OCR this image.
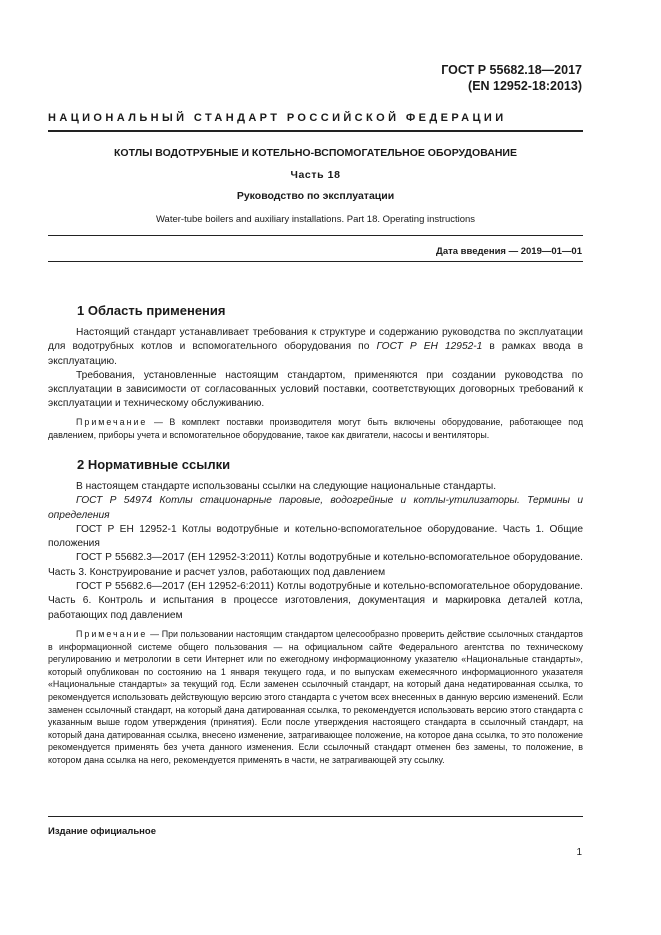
ГОСТ Р 55682.18—2017
(EN 12952-18:2013)
НАЦИОНАЛЬНЫЙ СТАНДАРТ РОССИЙСКОЙ ФЕДЕРАЦИИ
КОТЛЫ ВОДОТРУБНЫЕ И КОТЕЛЬНО-ВСПОМОГАТЕЛЬНОЕ ОБОРУДОВАНИЕ
Часть 18
Руководство по эксплуатации
Water-tube boilers and auxiliary installations. Part 18. Operating instructions
Дата введения — 2019—01—01
1 Область применения

Настоящий стандарт устанавливает требования к структуре и содержанию руководства по эксплуатации для водотрубных котлов и вспомогательного оборудования по ГОСТ Р ЕН 12952-1 в рамках ввода в эксплуатацию.

Требования, установленные настоящим стандартом, применяются при создании руководства по эксплуатации в зависимости от согласованных условий поставки, соответствующих договорных требований к эксплуатации и техническому обслуживанию.

Примечание — В комплект поставки производителя могут быть включены оборудование, работающее под давлением, приборы учета и вспомогательное оборудование, такое как двигатели, насосы и вентиляторы.

2 Нормативные ссылки

В настоящем стандарте использованы ссылки на следующие национальные стандарты.

ГОСТ Р 54974 Котлы стационарные паровые, водогрейные и котлы-утилизаторы. Термины и определения

ГОСТ Р ЕН 12952-1 Котлы водотрубные и котельно-вспомогательное оборудование. Часть 1. Общие положения

ГОСТ Р 55682.3—2017 (ЕН 12952-3:2011) Котлы водотрубные и котельно-вспомогательное оборудование. Часть 3. Конструирование и расчет узлов, работающих под давлением

ГОСТ Р 55682.6—2017 (ЕН 12952-6:2011) Котлы водотрубные и котельно-вспомогательное оборудование. Часть 6. Контроль и испытания в процессе изготовления, документация и маркировка деталей котла, работающих под давлением

Примечание — При пользовании настоящим стандартом целесообразно проверить действие ссылочных стандартов в информационной системе общего пользования — на официальном сайте Федерального агентства по техническому регулированию и метрологии в сети Интернет или по ежегодному информационному указателю «Национальные стандарты», который опубликован по состоянию на 1 января текущего года, и по выпускам ежемесячного информационного указателя «Национальные стандарты» за текущий год. Если заменен ссылочный стандарт, на который дана недатированная ссылка, то рекомендуется использовать действующую версию этого стандарта с учетом всех внесенных в данную версию изменений. Если заменен ссылочный стандарт, на который дана датированная ссылка, то рекомендуется использовать версию этого стандарта с указанным выше годом утверждения (принятия). Если после утверждения настоящего стандарта в ссылочный стандарт, на который дана датированная ссылка, внесено изменение, затрагивающее положение, на которое дана ссылка, то это положение рекомендуется применять без учета данного изменения. Если ссылочный стандарт отменен без замены, то положение, в котором дана ссылка на него, рекомендуется применять в части, не затрагивающей эту ссылку.

Издание официальное
1
